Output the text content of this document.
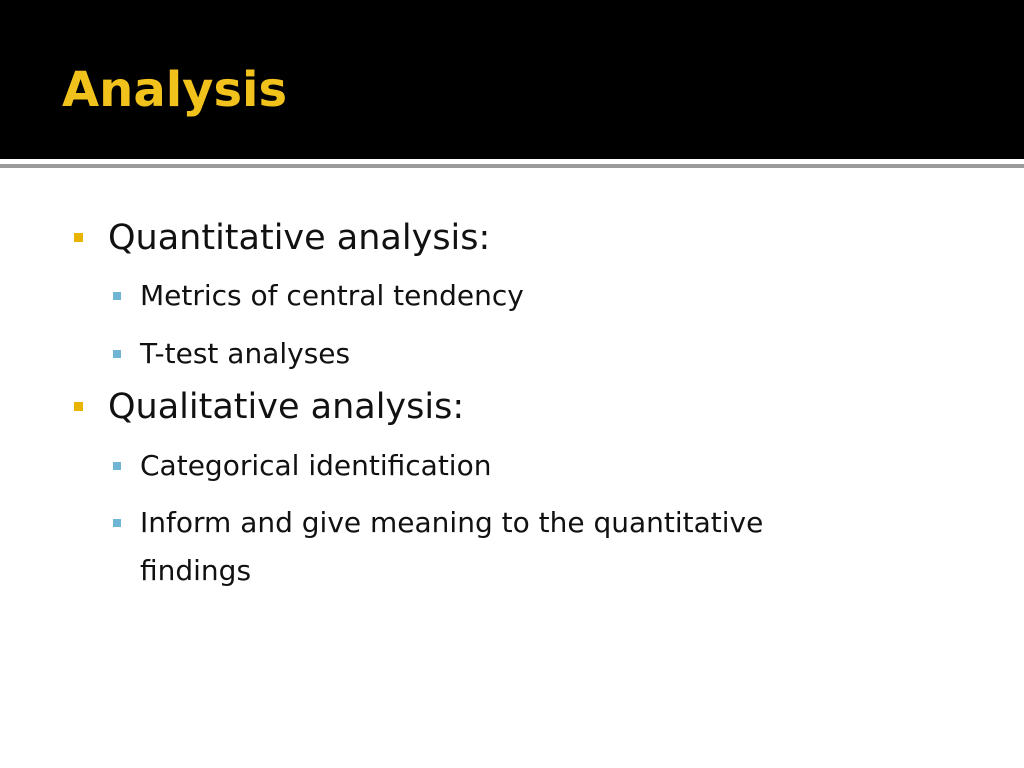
Analysis
Quantitative analysis:
Metrics of central tendency
T-test analyses
Qualitative analysis:
Categorical identification
Inform and give meaning to the quantitative
findings
